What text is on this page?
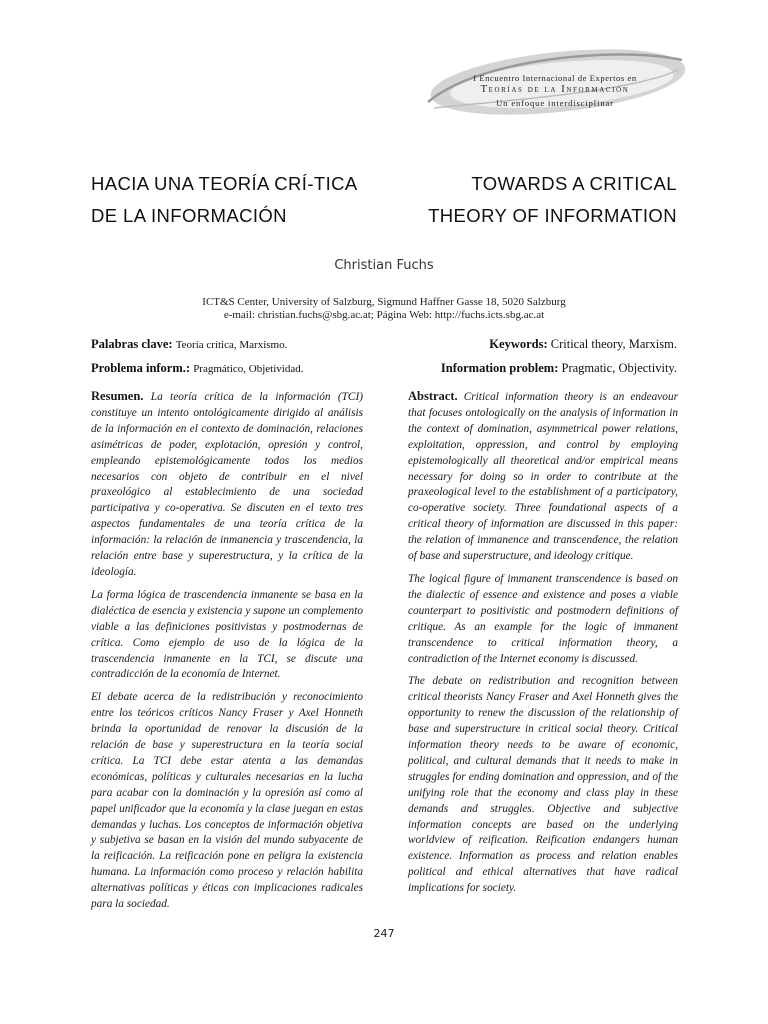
I Encuentro Internacional de Expertos en
Teorías de la Información
Un enfoque interdisciplinar
HACIA UNA TEORÍA CRÍ-TICA DE LA INFORMACIÓN
TOWARDS A CRITICAL THEORY OF INFORMATION
Christian Fuchs
ICT&S Center, University of Salzburg, Sigmund Haffner Gasse 18, 5020 Salzburg
e-mail: christian.fuchs@sbg.ac.at; Página Web: http://fuchs.icts.sbg.ac.at
Palabras clave: Teoría crítica, Marxismo.
Problema inform.: Pragmático, Objetividad.
Keywords: Critical theory, Marxism.
Information problem: Pragmatic, Objectivity.

Resumen. La teoría crítica de la información (TCI) constituye un intento ontológicamente dirigido al análisis de la información en el contexto de dominación, relaciones asimétricas de poder, explotación, opresión y control, empleando epistemológicamente todos los medios necesarios con objeto de contribuir en el nivel praxeológico al establecimiento de una sociedad participativa y co-operativa. Se discuten en el texto tres aspectos fundamentales de una teoría crítica de la información: la relación de inmanencia y trascendencia, la relación entre base y superestructura, y la crítica de la ideología.

La forma lógica de trascendencia inmanente se basa en la dialéctica de esencia y existencia y supone un complemento viable a las definiciones positivistas y postmodernas de crítica. Como ejemplo de uso de la lógica de la trascendencia inmanente en la TCI, se discute una contradicción de la economía de Internet.

El debate acerca de la redistribución y reconocimiento entre los teóricos críticos Nancy Fraser y Axel Honneth brinda la oportunidad de renovar la discusión de la relación de base y superestructura en la teoría social crítica. La TCI debe estar atenta a las demandas económicas, políticas y culturales necesarias en la lucha para acabar con la dominación y la opresión así como al papel unificador que la economía y la clase juegan en estas demandas y luchas. Los conceptos de información objetiva y subjetiva se basan en la visión del mundo subyacente de la reificación. La reificación pone en peligra la existencia humana. La información como proceso y relación habilita alternativas políticas y éticas con implicaciones radicales para la sociedad.

Abstract. Critical information theory is an endeavour that focuses ontologically on the analysis of information in the context of domination, asymmetrical power relations, exploitation, oppression, and control by employing epistemologically all theoretical and/or empirical means necessary for doing so in order to contribute at the praxeological level to the establishment of a participatory, co-operative society. Three foundational aspects of a critical theory of information are discussed in this paper: the relation of immanence and transcendence, the relation of base and superstructure, and ideology critique.

The logical figure of immanent transcendence is based on the dialectic of essence and existence and poses a viable counterpart to positivistic and postmodern definitions of critique. As an example for the logic of immanent transcendence to critical information theory, a contradiction of the Internet economy is discussed.

The debate on redistribution and recognition between critical theorists Nancy Fraser and Axel Honneth gives the opportunity to renew the discussion of the relationship of base and superstructure in critical social theory. Critical information theory needs to be aware of economic, political, and cultural demands that it needs to make in struggles for ending domination and oppression, and of the unifying role that the economy and class play in these demands and struggles. Objective and subjective information concepts are based on the underlying worldview of reification. Reification endangers human existence. Information as process and relation enables political and ethical alternatives that have radical implications for society.

247
